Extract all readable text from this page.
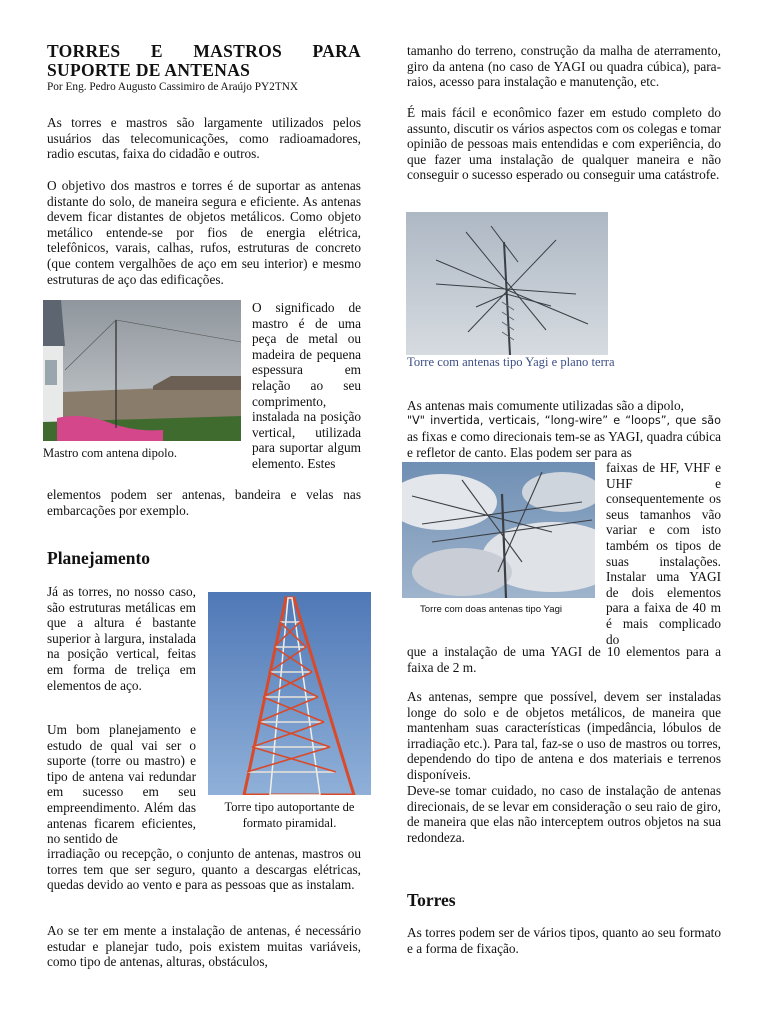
TORRES E MASTROS PARA
SUPORTE DE ANTENAS
Por Eng. Pedro Augusto Cassimiro de Araújo PY2TNX

As torres e mastros são largamente utilizados pelos usuários das telecomunicações, como radioamadores, radio escutas, faixa do cidadão e outros.

O objetivo dos mastros e torres é de suportar as antenas distante do solo, de maneira segura e eficiente. As antenas devem ficar distantes de objetos metálicos. Como objeto metálico entende-se por fios de energia elétrica, telefônicos, varais, calhas, rufos, estruturas de concreto (que contem vergalhões de aço em seu interior) e mesmo estruturas de aço das edificações.

Mastro com antena dipolo.

O significado de mastro é de uma peça de metal ou madeira de pequena espessura em relação ao seu comprimento, instalada na posição vertical, utilizada para suportar algum elemento. Estes

elementos podem ser antenas, bandeira e velas nas embarcações por exemplo.

Planejamento

Já as torres, no nosso caso, são estruturas metálicas em que a altura é bastante superior à largura, instalada na posição vertical, feitas em forma de treliça em elementos de aço.

Um bom planejamento e estudo de qual vai ser o suporte (torre ou mastro) e tipo de antena vai redundar em sucesso em seu empreendimento. Além das antenas ficarem eficientes, no sentido de

irradiação ou recepção, o conjunto de antenas, mastros ou torres tem que ser seguro, quanto a descargas elétricas, quedas devido ao vento e para as pessoas que as instalam.

Torre tipo autoportante de formato piramidal.

Ao se ter em mente a instalação de antenas, é necessário estudar e planejar tudo, pois existem muitas variáveis, como tipo de antenas, alturas, obstáculos,

tamanho do terreno, construção da malha de aterramento, giro da antena (no caso de YAGI ou quadra cúbica), para-raios, acesso para instalação e manutenção, etc.

É mais fácil e econômico fazer em estudo completo do assunto, discutir os vários aspectos com os colegas e tomar opinião de pessoas mais entendidas e com experiência, do que fazer uma instalação de qualquer maneira e não conseguir o sucesso esperado ou conseguir uma catástrofe.

Torre com antenas tipo Yagi e plano terra

As antenas mais comumente utilizadas são a dipolo,

"V" invertida, verticais, “long-wire” e “loops”, que são

as fixas e como direcionais tem-se as YAGI, quadra cúbica e refletor de canto. Elas podem ser para as

Torre com doas antenas tipo Yagi

faixas de HF, VHF e UHF e consequentemente os seus tamanhos vão variar e com isto também os tipos de suas instalações. Instalar uma YAGI de dois elementos para a faixa de 40 m é mais complicado do

que a instalação de uma YAGI de 10 elementos para a faixa de 2 m.

As antenas, sempre que possível, devem ser instaladas longe do solo e de objetos metálicos, de maneira que mantenham suas características (impedância, lóbulos de irradiação etc.). Para tal, faz-se o uso de mastros ou torres, dependendo do tipo de antena e dos materiais e terrenos disponíveis.

Deve-se tomar cuidado, no caso de instalação de antenas direcionais, de se levar em consideração o seu raio de giro, de maneira que elas não interceptem outros objetos na sua redondeza.

Torres

As torres podem ser de vários tipos, quanto ao seu formato e a forma de fixação.
